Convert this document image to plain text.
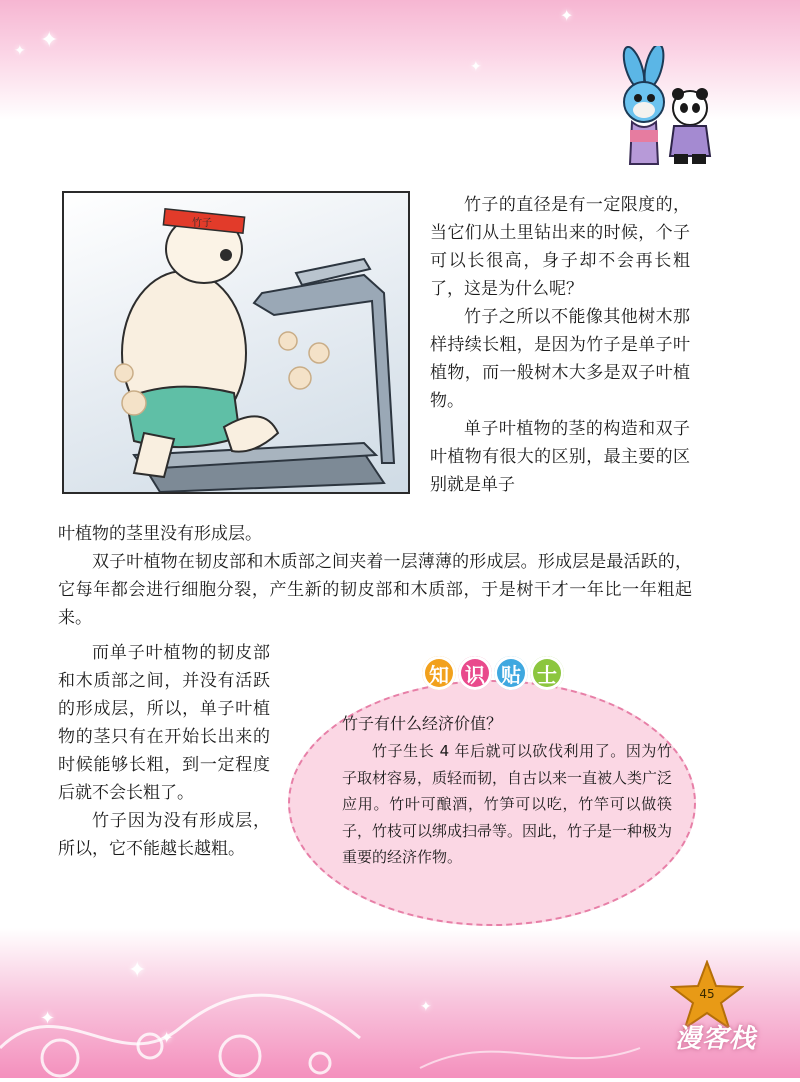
✦
✦
✦
✦
✦
✦
✦
✦
竹子

竹子的直径是有一定限度的，当它们从土里钻出来的时候，个子可以长很高，身子却不会再长粗了，这是为什么呢？

竹子之所以不能像其他树木那样持续长粗，是因为竹子是单子叶植物，而一般树木大多是双子叶植物。

单子叶植物的茎的构造和双子叶植物有很大的区别，最主要的区别就是单子

叶植物的茎里没有形成层。

双子叶植物在韧皮部和木质部之间夹着一层薄薄的形成层。形成层是最活跃的，它每年都会进行细胞分裂，产生新的韧皮部和木质部，于是树干才一年比一年粗起来。

而单子叶植物的韧皮部和木质部之间，并没有活跃的形成层，所以，单子叶植物的茎只有在开始长出来的时候能够长粗，到一定程度后就不会长粗了。

竹子因为没有形成层，所以，它不能越长越粗。

知 识 贴 士
竹子有什么经济价值？

竹子生长 4 年后就可以砍伐利用了。因为竹子取材容易，质轻而韧，自古以来一直被人类广泛应用。竹叶可酿酒，竹笋可以吃，竹竿可以做筷子，竹枝可以绑成扫帚等。因此，竹子是一种极为重要的经济作物。

45
漫客栈
